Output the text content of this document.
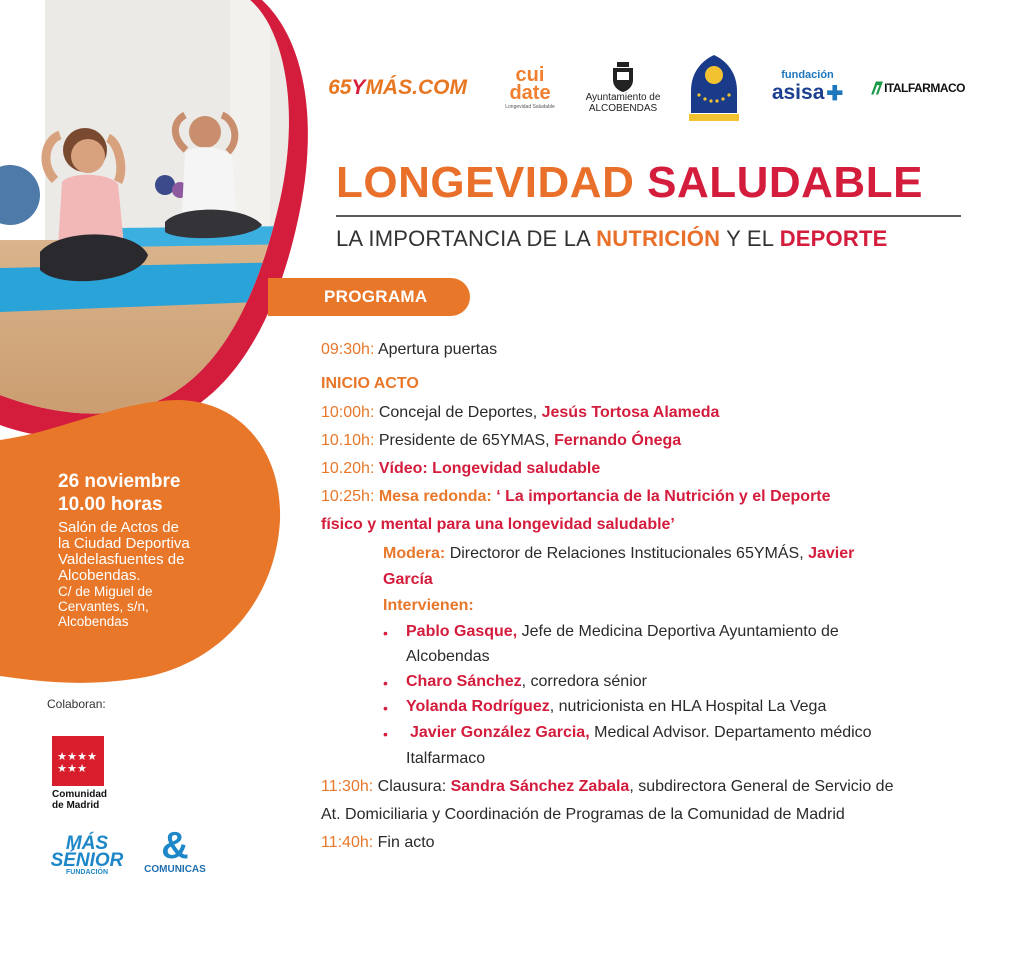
65YMÁS.COM
cui
date
Longevidad Saludable
Ayuntamiento de
ALCOBENDAS
fundación
asisa ✚	ITALFARMACO
LONGEVIDAD SALUDABLE
LA IMPORTANCIA DE LA NUTRICIÓN Y EL DEPORTE
PROGRAMA
26 noviembre
10.00 horas
Salón de Actos de
la Ciudad Deportiva
Valdelasfuentes de
Alcobendas.
C/ de Miguel de
Cervantes, s/n,
Alcobendas
09:30h: Apertura puertas
INICIO ACTO
10:00h: Concejal de Deportes, Jesús Tortosa Alameda
10.10h: Presidente de 65YMAS, Fernando Ónega
10.20h: Vídeo: Longevidad saludable
10:25h: Mesa redonda: ‘ La importancia de la Nutrición y el Deporte
físico y mental para una longevidad saludable’
Modera: Directoror de Relaciones Institucionales 65YMÁS, Javier
García
Intervienen:
• Pablo Gasque, Jefe de Medicina Deportiva Ayuntamiento de
Alcobendas
• Charo Sánchez, corredora sénior
• Yolanda Rodríguez, nutricionista en HLA Hospital La Vega
• Javier González Garcia, Medical Advisor. Departamento médico
Italfarmaco
11:30h: Clausura: Sandra Sánchez Zabala, subdirectora General de Servicio de
At. Domiciliaria y Coordinación de Programas de la Comunidad de Madrid
11:40h: Fin acto
Colaboran:
★ ★ ★ ★
★ ★ ★
Comunidad
de Madrid
MÁS
SÉNIOR
FUNDACIÓN
&
COMUNICAS
